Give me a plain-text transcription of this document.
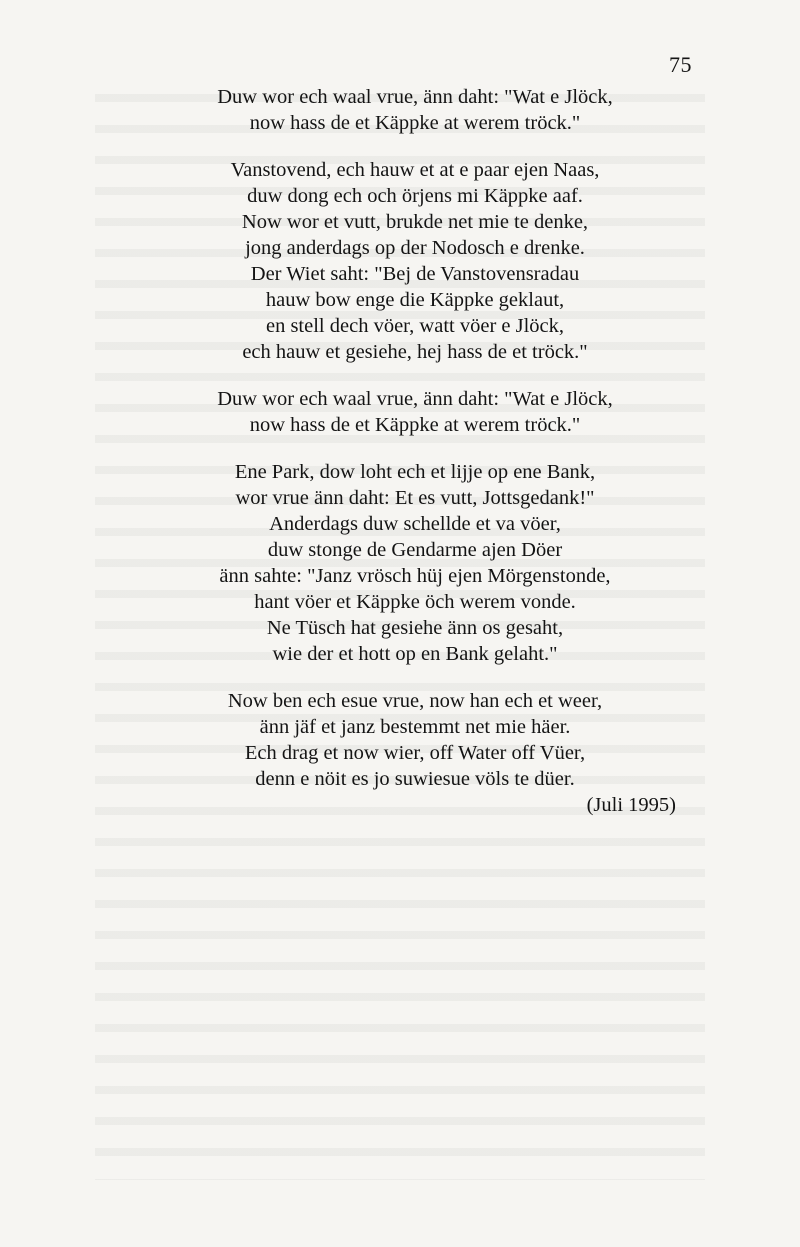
75
Duw wor ech waal vrue, änn daht: "Wat e Jlöck,
now hass de et Käppke at werem tröck."
Vanstovend, ech hauw et at e paar ejen Naas,
duw dong ech och örjens mi Käppke aaf.
Now wor et vutt, brukde net mie te denke,
jong anderdags op der Nodosch e drenke.
Der Wiet saht: "Bej de Vanstovensradau
hauw bow enge die Käppke geklaut,
en stell dech vöer, watt vöer e Jlöck,
ech hauw et gesiehe, hej hass de et tröck."
Duw wor ech waal vrue, änn daht: "Wat e Jlöck,
now hass de et Käppke at werem tröck."
Ene Park, dow loht ech et lijje op ene Bank,
wor vrue änn daht: Et es vutt, Jottsgedank!"
Anderdags duw schellde et va vöer,
duw stonge de Gendarme ajen Döer
änn sahte: "Janz vrösch hüj ejen Mörgenstonde,
hant vöer et Käppke öch werem vonde.
Ne Tüsch hat gesiehe änn os gesaht,
wie der et hott op en Bank gelaht."
Now ben ech esue vrue, now han ech et weer,
änn jäf et janz bestemmt net mie häer.
Ech drag et now wier, off Water off Vüer,
denn e nöit es jo suwiesue völs te düer.
(Juli 1995)
